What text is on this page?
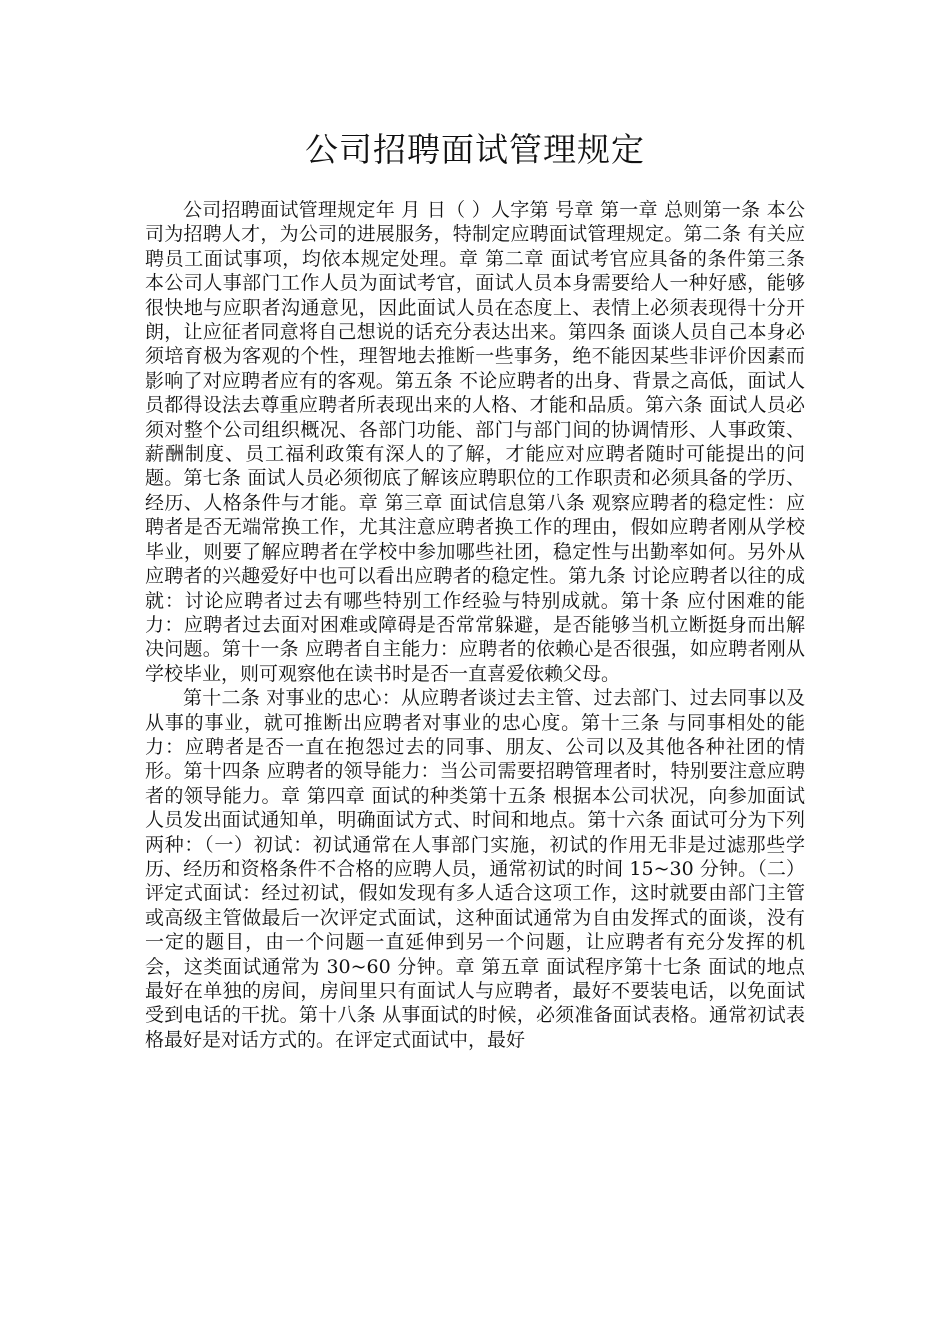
公司招聘面试管理规定

公司招聘面试管理规定年 月 日（ ）人字第 号章 第一章 总则第一条 本公司为招聘人才，为公司的进展服务，特制定应聘面试管理规定。第二条 有关应聘员工面试事项，均依本规定处理。章 第二章 面试考官应具备的条件第三条 本公司人事部门工作人员为面试考官，面试人员本身需要给人一种好感，能够很快地与应职者沟通意见，因此面试人员在态度上、表情上必须表现得十分开朗，让应征者同意将自己想说的话充分表达出来。第四条 面谈人员自己本身必须培育极为客观的个性，理智地去推断一些事务，绝不能因某些非评价因素而影响了对应聘者应有的客观。第五条 不论应聘者的出身、背景之高低，面试人员都得设法去尊重应聘者所表现出来的人格、才能和品质。第六条 面试人员必须对整个公司组织概况、各部门功能、部门与部门间的协调情形、人事政策、薪酬制度、员工福利政策有深人的了解，才能应对应聘者随时可能提出的问题。第七条 面试人员必须彻底了解该应聘职位的工作职责和必须具备的学历、经历、人格条件与才能。章 第三章 面试信息第八条 观察应聘者的稳定性：应聘者是否无端常换工作，尤其注意应聘者换工作的理由，假如应聘者刚从学校毕业，则要了解应聘者在学校中参加哪些社团，稳定性与出勤率如何。另外从应聘者的兴趣爱好中也可以看出应聘者的稳定性。第九条 讨论应聘者以往的成就：讨论应聘者过去有哪些特别工作经验与特别成就。第十条 应付困难的能力：应聘者过去面对困难或障碍是否常常躲避，是否能够当机立断挺身而出解决问题。第十一条 应聘者自主能力：应聘者的依赖心是否很强，如应聘者刚从学校毕业，则可观察他在读书时是否一直喜爱依赖父母。

第十二条 对事业的忠心：从应聘者谈过去主管、过去部门、过去同事以及从事的事业，就可推断出应聘者对事业的忠心度。第十三条 与同事相处的能力：应聘者是否一直在抱怨过去的同事、朋友、公司以及其他各种社团的情形。第十四条 应聘者的领导能力：当公司需要招聘管理者时，特别要注意应聘者的领导能力。章 第四章 面试的种类第十五条 根据本公司状况，向参加面试人员发出面试通知单，明确面试方式、时间和地点。第十六条 面试可分为下列两种：（一）初试：初试通常在人事部门实施，初试的作用无非是过滤那些学历、经历和资格条件不合格的应聘人员，通常初试的时间 15~30 分钟。（二）评定式面试：经过初试，假如发现有多人适合这项工作，这时就要由部门主管或高级主管做最后一次评定式面试，这种面试通常为自由发挥式的面谈，没有一定的题目，由一个问题一直延伸到另一个问题，让应聘者有充分发挥的机会，这类面试通常为 30~60 分钟。章 第五章 面试程序第十七条 面试的地点最好在单独的房间，房间里只有面试人与应聘者，最好不要装电话，以免面试受到电话的干扰。第十八条 从事面试的时候，必须准备面试表格。通常初试表格最好是对话方式的。在评定式面试中，最好
